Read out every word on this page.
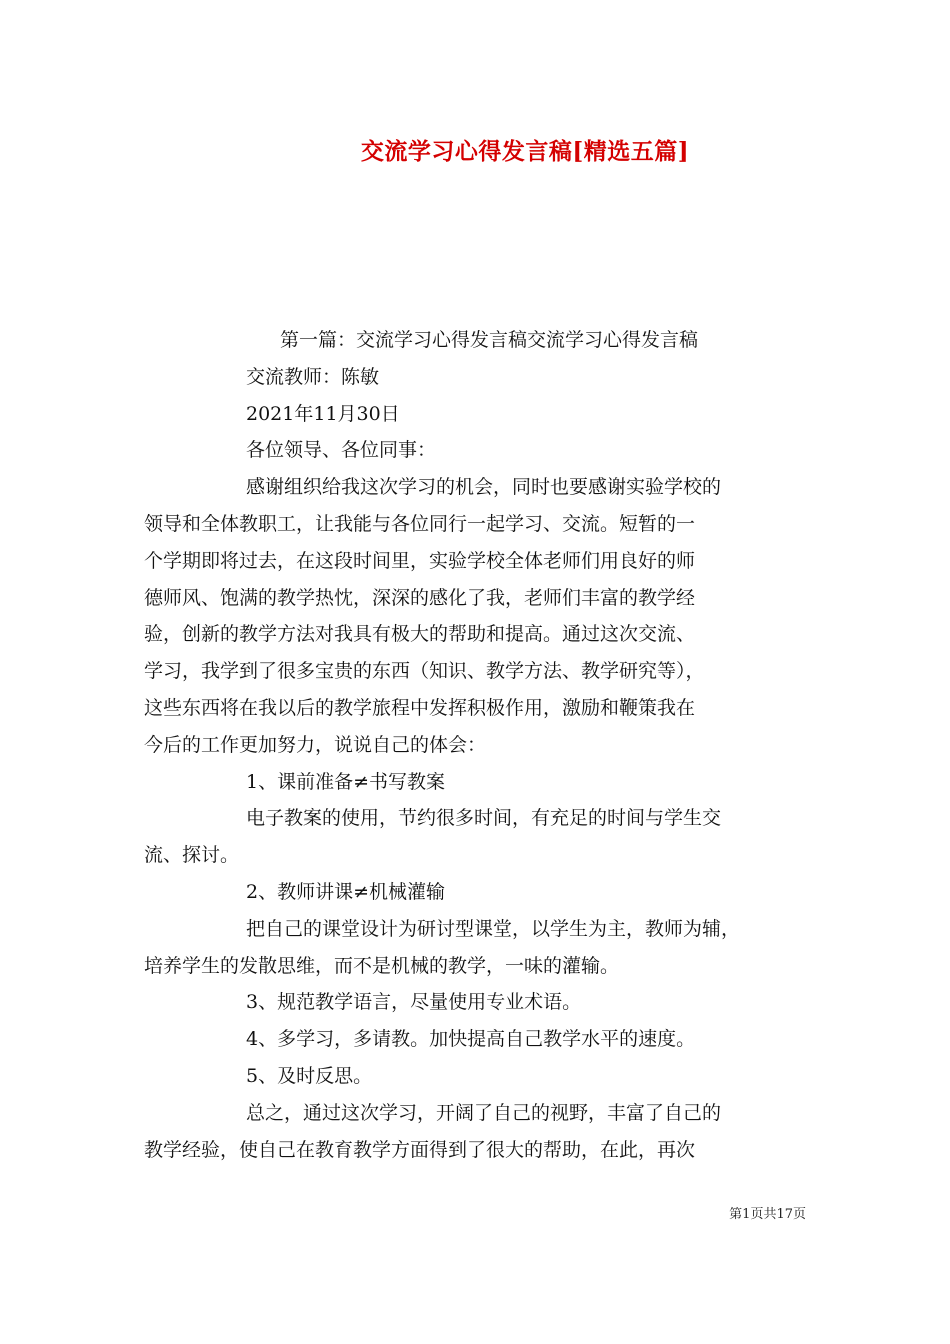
交流学习心得发言稿[精选五篇]
第一篇：交流学习心得发言稿交流学习心得发言稿
交流教师：陈敏
2021年11月30日
各位领导、各位同事：
感谢组织给我这次学习的机会，同时也要感谢实验学校的
领导和全体教职工，让我能与各位同行一起学习、交流。短暂的一
个学期即将过去，在这段时间里，实验学校全体老师们用良好的师
德师风、饱满的教学热忱，深深的感化了我，老师们丰富的教学经
验，创新的教学方法对我具有极大的帮助和提高。通过这次交流、
学习，我学到了很多宝贵的东西（知识、教学方法、教学研究等），
这些东西将在我以后的教学旅程中发挥积极作用，激励和鞭策我在
今后的工作更加努力，说说自己的体会：
1、课前准备≠书写教案
电子教案的使用，节约很多时间，有充足的时间与学生交
流、探讨。
2、教师讲课≠机械灌输
把自己的课堂设计为研讨型课堂，以学生为主，教师为辅，
培养学生的发散思维，而不是机械的教学，一味的灌输。
3、规范教学语言，尽量使用专业术语。
4、多学习，多请教。加快提高自己教学水平的速度。
5、及时反思。
总之，通过这次学习，开阔了自己的视野，丰富了自己的
教学经验，使自己在教育教学方面得到了很大的帮助，在此，再次
第1页共17页
